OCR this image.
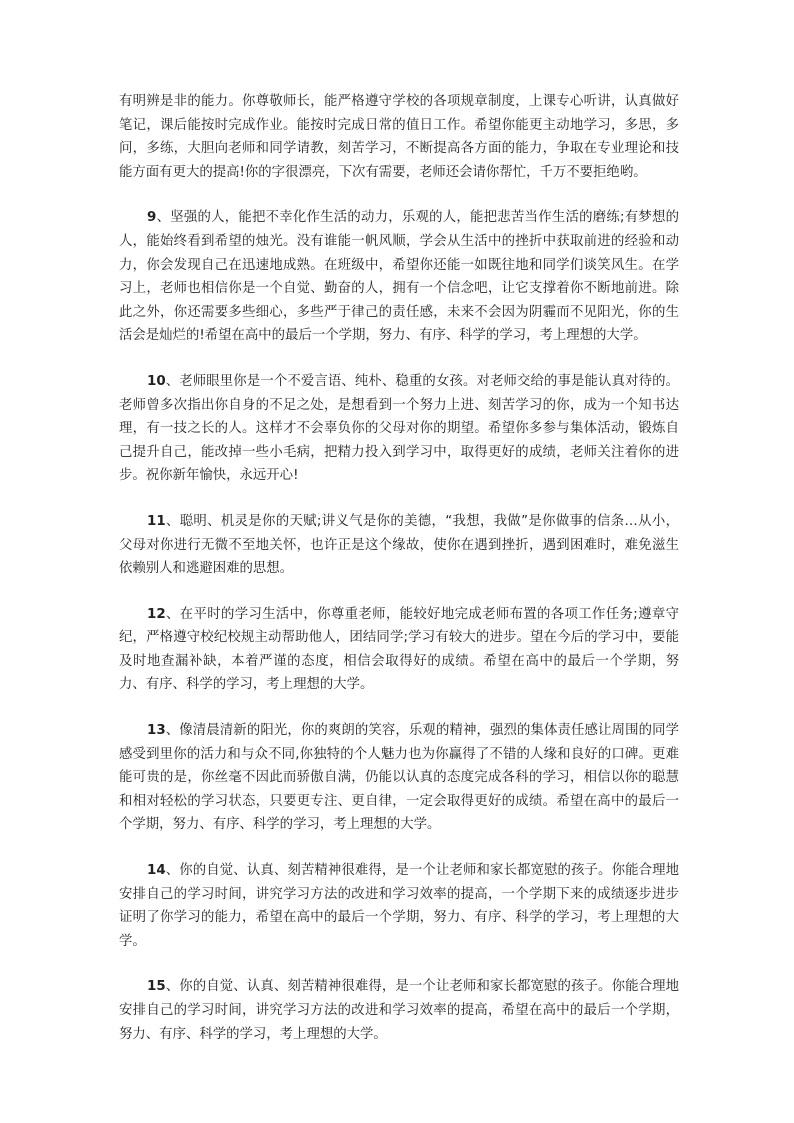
有明辨是非的能力。你尊敬师长，能严格遵守学校的各项规章制度，上课专心听讲，认真做好笔记，课后能按时完成作业。能按时完成日常的值日工作。希望你能更主动地学习，多思，多问，多练，大胆向老师和同学请教，刻苦学习，不断提高各方面的能力，争取在专业理论和技能方面有更大的提高!你的字很漂亮，下次有需要，老师还会请你帮忙，千万不要拒绝哟。

9、坚强的人，能把不幸化作生活的动力，乐观的人，能把悲苦当作生活的磨练;有梦想的人，能始终看到希望的烛光。没有谁能一帆风顺，学会从生活中的挫折中获取前进的经验和动力，你会发现自己在迅速地成熟。在班级中，希望你还能一如既往地和同学们谈笑风生。在学习上，老师也相信你是一个自觉、勤奋的人，拥有一个信念吧，让它支撑着你不断地前进。除此之外，你还需要多些细心，多些严于律己的责任感，未来不会因为阴霾而不见阳光，你的生活会是灿烂的!希望在高中的最后一个学期，努力、有序、科学的学习，考上理想的大学。

10、老师眼里你是一个不爱言语、纯朴、稳重的女孩。对老师交给的事是能认真对待的。老师曾多次指出你自身的不足之处，是想看到一个努力上进、刻苦学习的你，成为一个知书达理，有一技之长的人。这样才不会辜负你的父母对你的期望。希望你多参与集体活动，锻炼自己提升自己，能改掉一些小毛病，把精力投入到学习中，取得更好的成绩，老师关注着你的进步。祝你新年愉快，永远开心!

11、聪明、机灵是你的天赋;讲义气是你的美德，“我想，我做”是你做事的信条…从小，父母对你进行无微不至地关怀，也许正是这个缘故，使你在遇到挫折，遇到困难时，难免滋生依赖别人和逃避困难的思想。

12、在平时的学习生活中，你尊重老师，能较好地完成老师布置的各项工作任务;遵章守纪，严格遵守校纪校规主动帮助他人，团结同学;学习有较大的进步。望在今后的学习中，要能及时地查漏补缺，本着严谨的态度，相信会取得好的成绩。希望在高中的最后一个学期，努力、有序、科学的学习，考上理想的大学。

13、像清晨清新的阳光，你的爽朗的笑容，乐观的精神，强烈的集体责任感让周围的同学感受到里你的活力和与众不同,你独特的个人魅力也为你赢得了不错的人缘和良好的口碑。更难能可贵的是，你丝毫不因此而骄傲自满，仍能以认真的态度完成各科的学习，相信以你的聪慧和相对轻松的学习状态，只要更专注、更自律，一定会取得更好的成绩。希望在高中的最后一个学期，努力、有序、科学的学习，考上理想的大学。

14、你的自觉、认真、刻苦精神很难得，是一个让老师和家长都宽慰的孩子。你能合理地安排自己的学习时间，讲究学习方法的改进和学习效率的提高，一个学期下来的成绩逐步进步证明了你学习的能力，希望在高中的最后一个学期，努力、有序、科学的学习，考上理想的大学。

15、你的自觉、认真、刻苦精神很难得，是一个让老师和家长都宽慰的孩子。你能合理地安排自己的学习时间，讲究学习方法的改进和学习效率的提高，希望在高中的最后一个学期，努力、有序、科学的学习，考上理想的大学。
